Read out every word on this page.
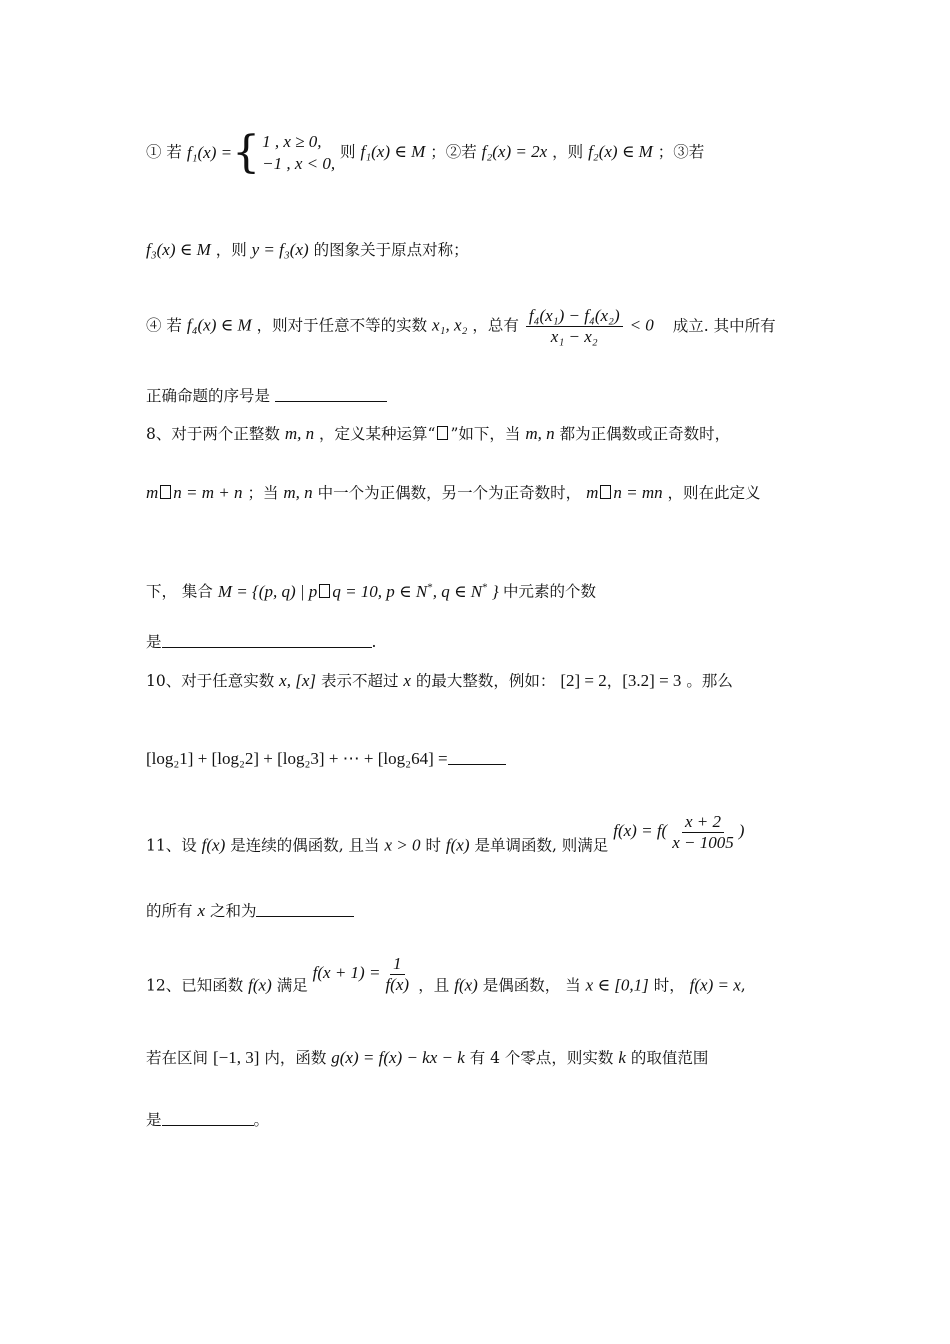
① 若 f₁(x) = { 1 , x ≥ 0,
−1 , x < 0,
则 f₁(x) ∈ M ；②若 f₂(x) = 2x ，则 f₂(x) ∈ M ；③若
f₃(x) ∈ M ，则 y = f₃(x) 的图象关于原点对称；
④ 若 f₄(x) ∈ M ，则对于任意不等的实数 x₁, x₂ ，总有 $\frac{\text{f₄(x₁) − f₄(x₂)}}{\text{x₁ − x₂}} < 0$ 成立. 其中所有
正确命题的序号是
8、对于两个正整数 m, n ，定义某种运算“ ”如下，当 m, n 都为正偶数或正奇数时，
m n = m + n ；当 m, n 中一个为正偶数，另一个为正奇数时， m n = mn ，则在此定义
下， 集合 M = {(p, q) | p q = 10, p ∈ N*, q ∈ N* } 中元素的个数
是	.
10、对于任意实数 x, [x] 表示不超过 x 的最大整数，例如： [2] = 2，[3.2] = 3 。那么
[log₂1] + [log₂2] + [log₂3] + ⋯ + [log₂64] =
11、设 f(x) 是连续的偶函数, 且当 x > 0 时 f(x) 是单调函数, 则满足 $f(x) = f( \frac{x + 2}{x - 1005}$ )
的所有 x 之和为
12、已知函数 f(x) 满足 $f(x + 1) = \frac{1}{f(x)}$ ，且 f(x) 是偶函数， 当 x ∈ [0,1] 时， f(x) = x,
若在区间 [−1, 3] 内，函数 g(x) = f(x) − kx − k 有 4 个零点，则实数 k 的取值范围
是	。
